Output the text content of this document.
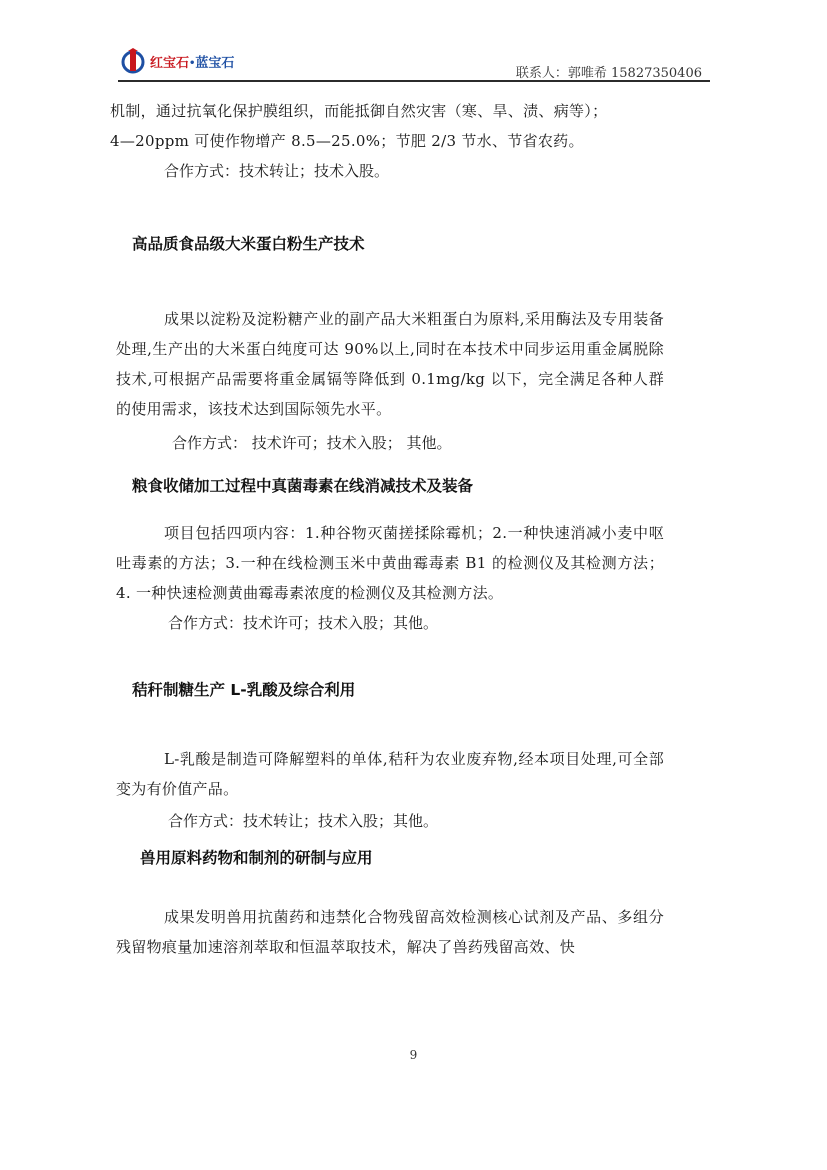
红宝石•蓝宝石
联系人：郭唯希 15827350406

机制，通过抗氧化保护膜组织，而能抵御自然灾害（寒、旱、渍、病等）；

4—20ppm 可使作物增产 8.5—25.0%；节肥 2/3 节水、节省农药。

合作方式：技术转让；技术入股。

高品质食品级大米蛋白粉生产技术

成果以淀粉及淀粉糖产业的副产品大米粗蛋白为原料,采用酶法及专用装备处理,生产出的大米蛋白纯度可达 90%以上,同时在本技术中同步运用重金属脱除技术,可根据产品需要将重金属镉等降低到 0.1mg/kg 以下，完全满足各种人群的使用需求，该技术达到国际领先水平。

合作方式： 技术许可；技术入股； 其他。

粮食收储加工过程中真菌毒素在线消减技术及装备

项目包括四项内容：1.种谷物灭菌搓揉除霉机；2.一种快速消减小麦中呕吐毒素的方法；3.一种在线检测玉米中黄曲霉毒素 B1 的检测仪及其检测方法；4. 一种快速检测黄曲霉毒素浓度的检测仪及其检测方法。

合作方式：技术许可；技术入股；其他。

秸秆制糖生产 L-乳酸及综合利用

L-乳酸是制造可降解塑料的单体,秸秆为农业废弃物,经本项目处理,可全部变为有价值产品。

合作方式：技术转让；技术入股；其他。

兽用原料药物和制剂的研制与应用

成果发明兽用抗菌药和违禁化合物残留高效检测核心试剂及产品、多组分残留物痕量加速溶剂萃取和恒温萃取技术，解决了兽药残留高效、快

9
